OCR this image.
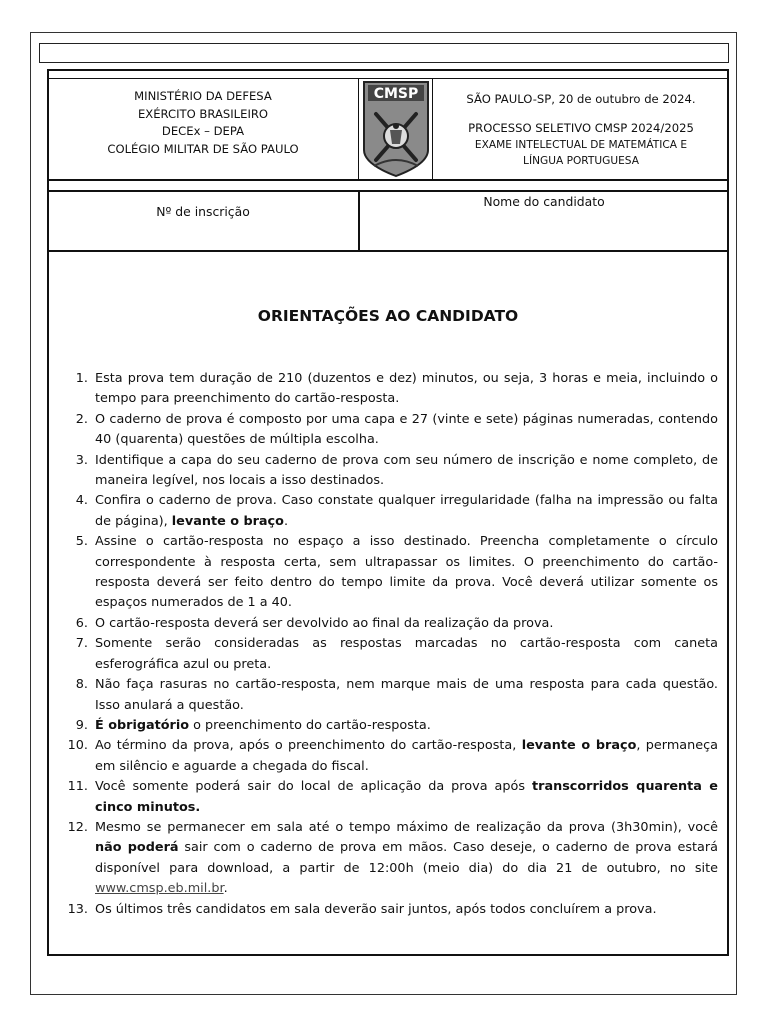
MINISTÉRIO DA DEFESA
EXÉRCITO BRASILEIRO
DECEx – DEPA
COLÉGIO MILITAR DE SÃO PAULO
CMSP	SÃO PAULO-SP, 20 de outubro de 2024.
PROCESSO SELETIVO CMSP 2024/2025
EXAME INTELECTUAL DE MATEMÁTICA E
LÍNGUA PORTUGUESA
Nº de inscrição
Nome do candidato
ORIENTAÇÕES AO CANDIDATO
1. Esta prova tem duração de 210 (duzentos e dez) minutos, ou seja, 3 horas e meia, incluindo o tempo para preenchimento do cartão-resposta.
2. O caderno de prova é composto por uma capa e 27 (vinte e sete) páginas numeradas, contendo 40 (quarenta) questões de múltipla escolha.
3. Identifique a capa do seu caderno de prova com seu número de inscrição e nome completo, de maneira legível, nos locais a isso destinados.
4. Confira o caderno de prova. Caso constate qualquer irregularidade (falha na impressão ou falta de página), levante o braço.
5. Assine o cartão-resposta no espaço a isso destinado. Preencha completamente o círculo correspondente à resposta certa, sem ultrapassar os limites. O preenchimento do cartão-resposta deverá ser feito dentro do tempo limite da prova. Você deverá utilizar somente os espaços numerados de 1 a 40.
6. O cartão-resposta deverá ser devolvido ao final da realização da prova.
7. Somente serão consideradas as respostas marcadas no cartão-resposta com caneta esferográfica azul ou preta.
8. Não faça rasuras no cartão-resposta, nem marque mais de uma resposta para cada questão. Isso anulará a questão.
9. É obrigatório o preenchimento do cartão-resposta.
10. Ao término da prova, após o preenchimento do cartão-resposta, levante o braço, permaneça em silêncio e aguarde a chegada do fiscal.
11. Você somente poderá sair do local de aplicação da prova após transcorridos quarenta e cinco minutos.
12. Mesmo se permanecer em sala até o tempo máximo de realização da prova (3h30min), você não poderá sair com o caderno de prova em mãos. Caso deseje, o caderno de prova estará disponível para download, a partir de 12:00h (meio dia) do dia 21 de outubro, no site www.cmsp.eb.mil.br.
13. Os últimos três candidatos em sala deverão sair juntos, após todos concluírem a prova.
